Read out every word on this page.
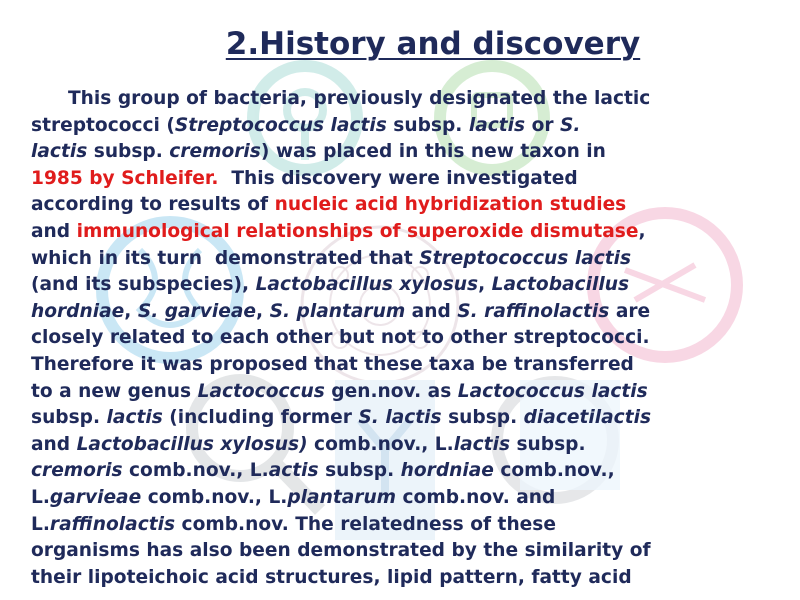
2.History and discovery
This group of bacteria, previously designated the lactic
streptococci (Streptococcus lactis subsp. lactis or S.
lactis subsp. cremoris) was placed in this new taxon in
1985 by Schleifer.  This discovery were investigated
according to results of nucleic acid hybridization studies
and immunological relationships of superoxide dismutase,
which in its turn  demonstrated that Streptococcus lactis
(and its subspecies), Lactobacillus xylosus, Lactobacillus
hordniae, S. garvieae, S. plantarum and S. raffinolactis are
closely related to each other but not to other streptococci.
Therefore it was proposed that these taxa be transferred
to a new genus Lactococcus gen.nov. as Lactococcus lactis
subsp. lactis (including former S. lactis subsp. diacetilactis
and Lactobacillus xylosus) comb.nov., L.lactis subsp.
cremoris comb.nov., L.actis subsp. hordniae comb.nov.,
L.garvieae comb.nov., L.plantarum comb.nov. and
L.raffinolactis comb.nov. The relatedness of these
organisms has also been demonstrated by the similarity of
their lipoteichoic acid structures, lipid pattern, fatty acid
